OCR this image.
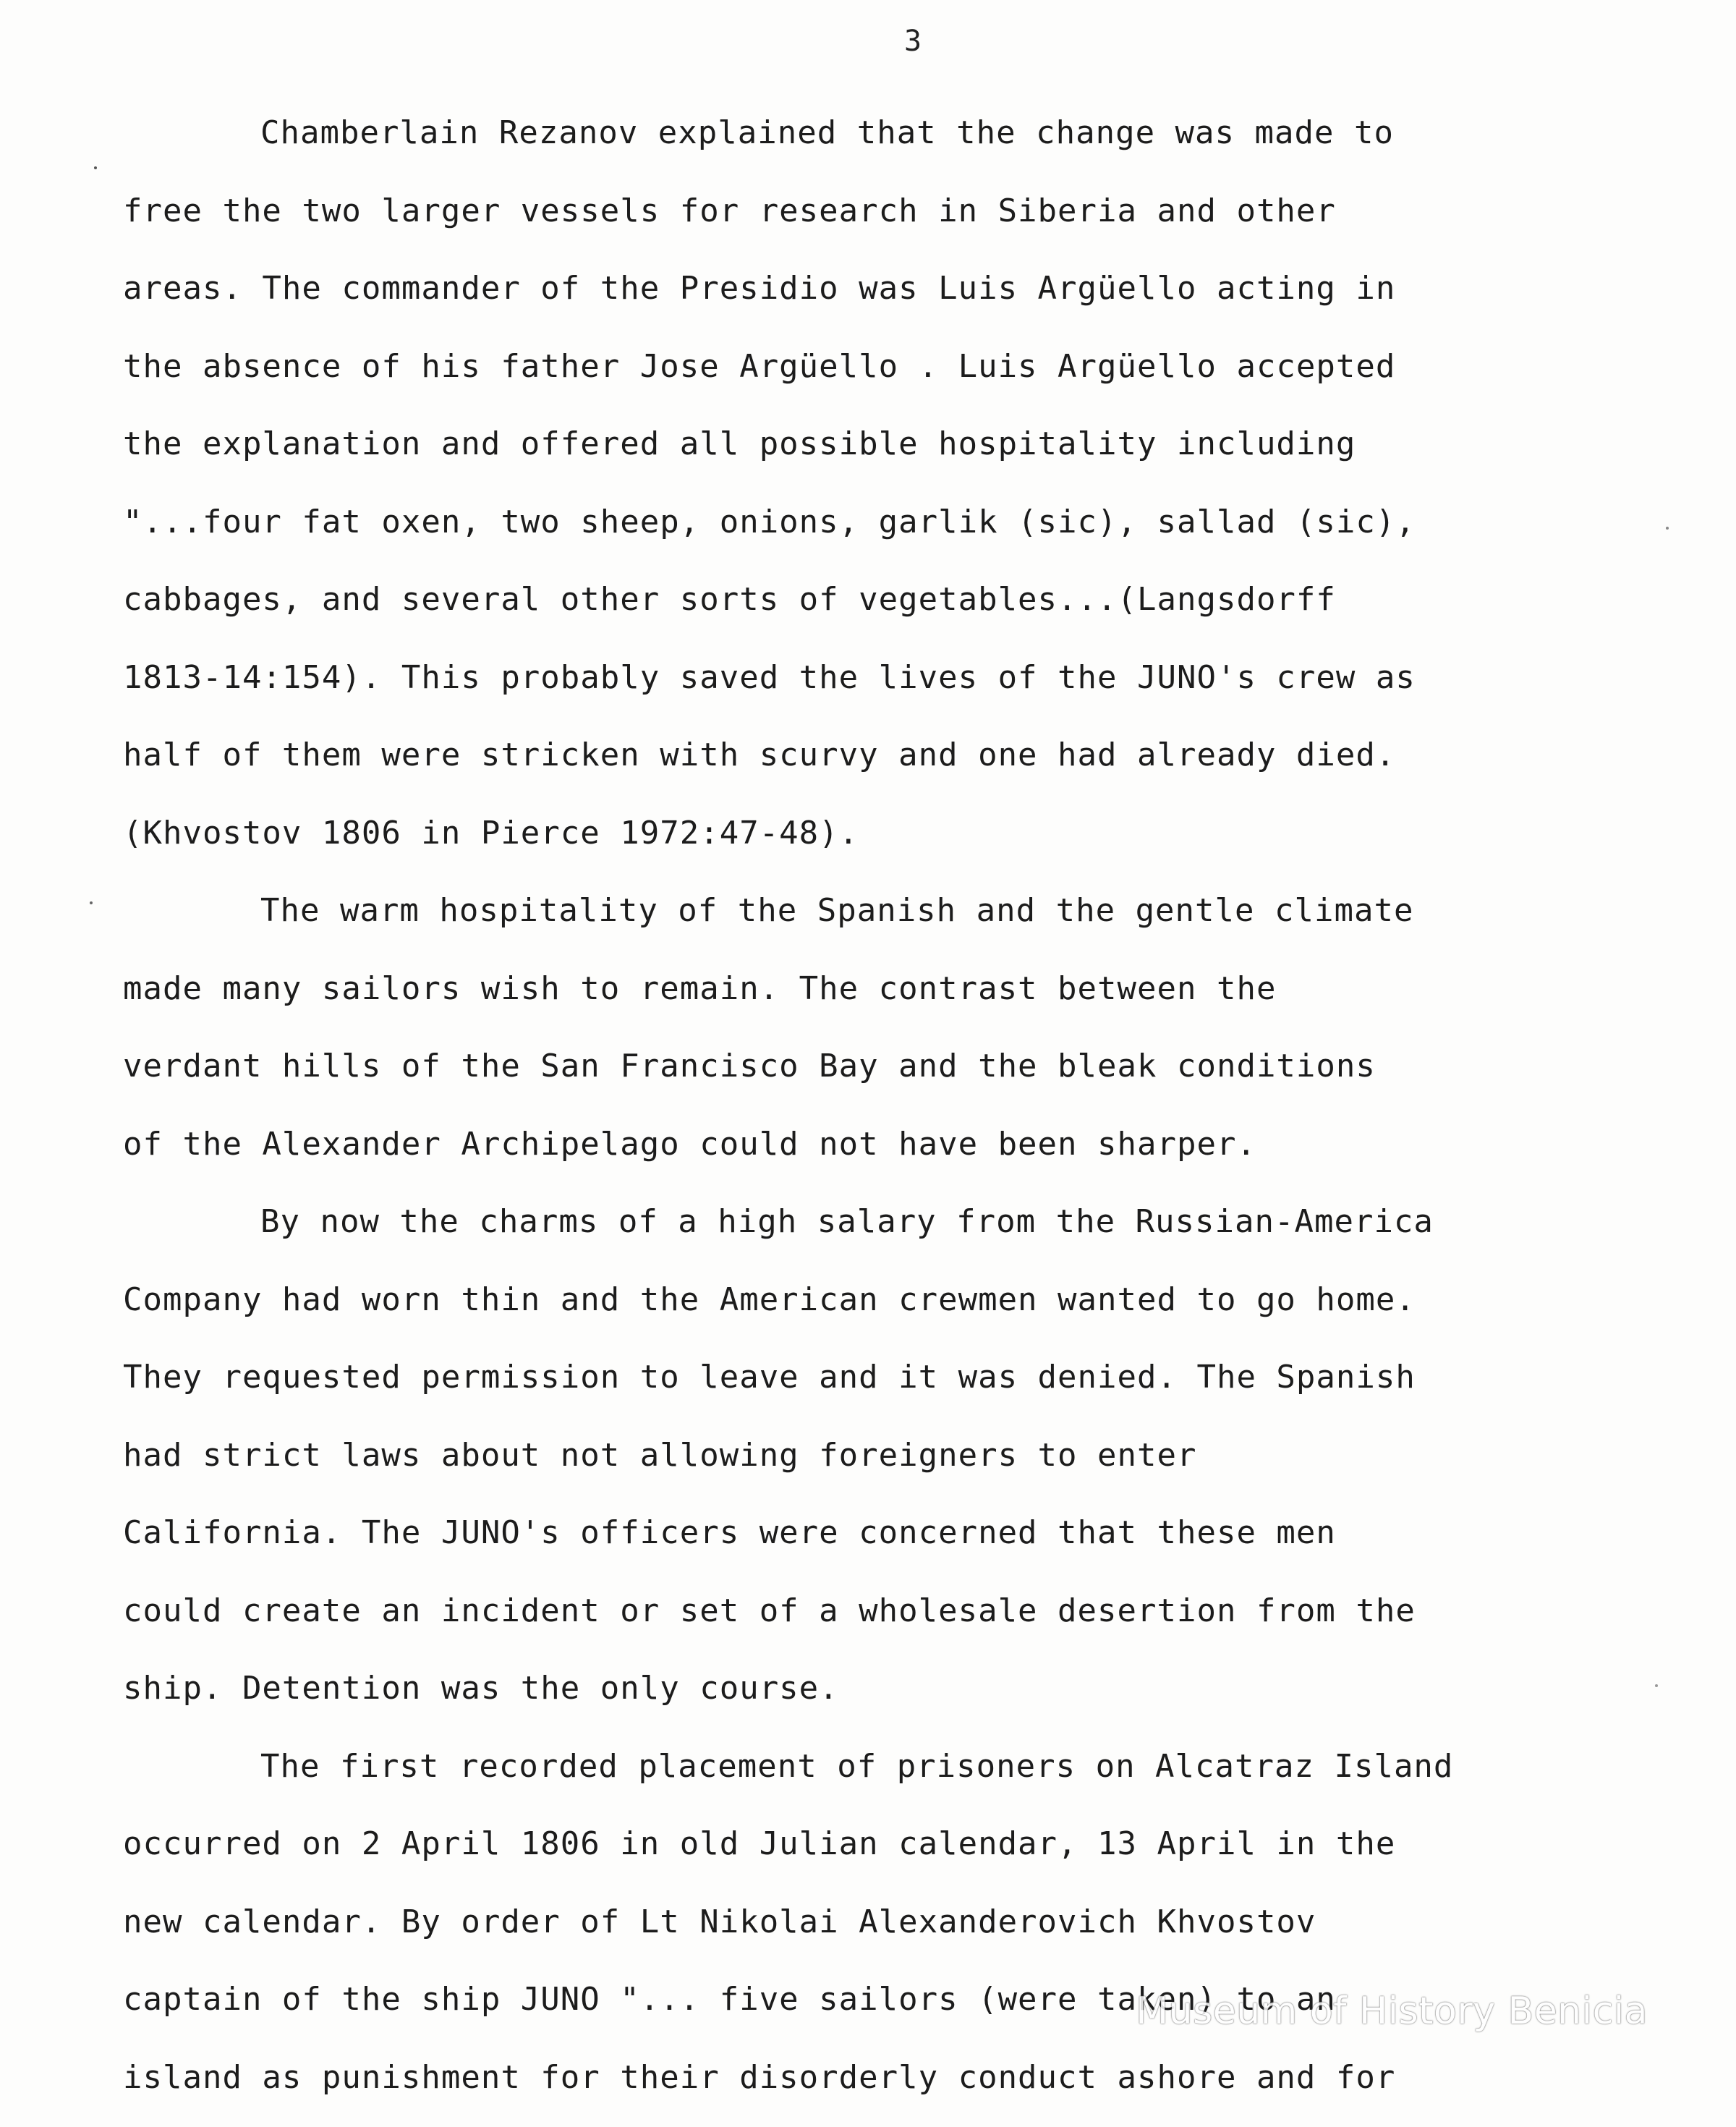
3
Chamberlain Rezanov explained that the change was made to
free the two larger vessels for research in Siberia and other
areas. The commander of the Presidio was Luis Argüello acting in
the absence of his father Jose Argüello . Luis Argüello accepted
the explanation and offered all possible hospitality including
"...four fat oxen, two sheep, onions, garlik (sic), sallad (sic),
cabbages, and several other sorts of vegetables...(Langsdorff
1813-14:154). This probably saved the lives of the JUNO's crew as
half of them were stricken with scurvy and one had already died.
(Khvostov 1806 in Pierce 1972:47-48).
The warm hospitality of the Spanish and the gentle climate
made many sailors wish to remain. The contrast between the
verdant hills of the San Francisco Bay and the bleak conditions
of the Alexander Archipelago could not have been sharper.
By now the charms of a high salary from the Russian-America
Company had worn thin and the American crewmen wanted to go home.
They requested permission to leave and it was denied. The Spanish
had strict laws about not allowing foreigners to enter
California. The JUNO's officers were concerned that these men
could create an incident or set of a wholesale desertion from the
ship. Detention was the only course.
The first recorded placement of prisoners on Alcatraz Island
occurred on 2 April 1806 in old Julian calendar, 13 April in the
new calendar. By order of Lt Nikolai Alexanderovich Khvostov
captain of the ship JUNO "... five sailors (were taken) to an
island as punishment for their disorderly conduct ashore and for
Museum of History Benicia
